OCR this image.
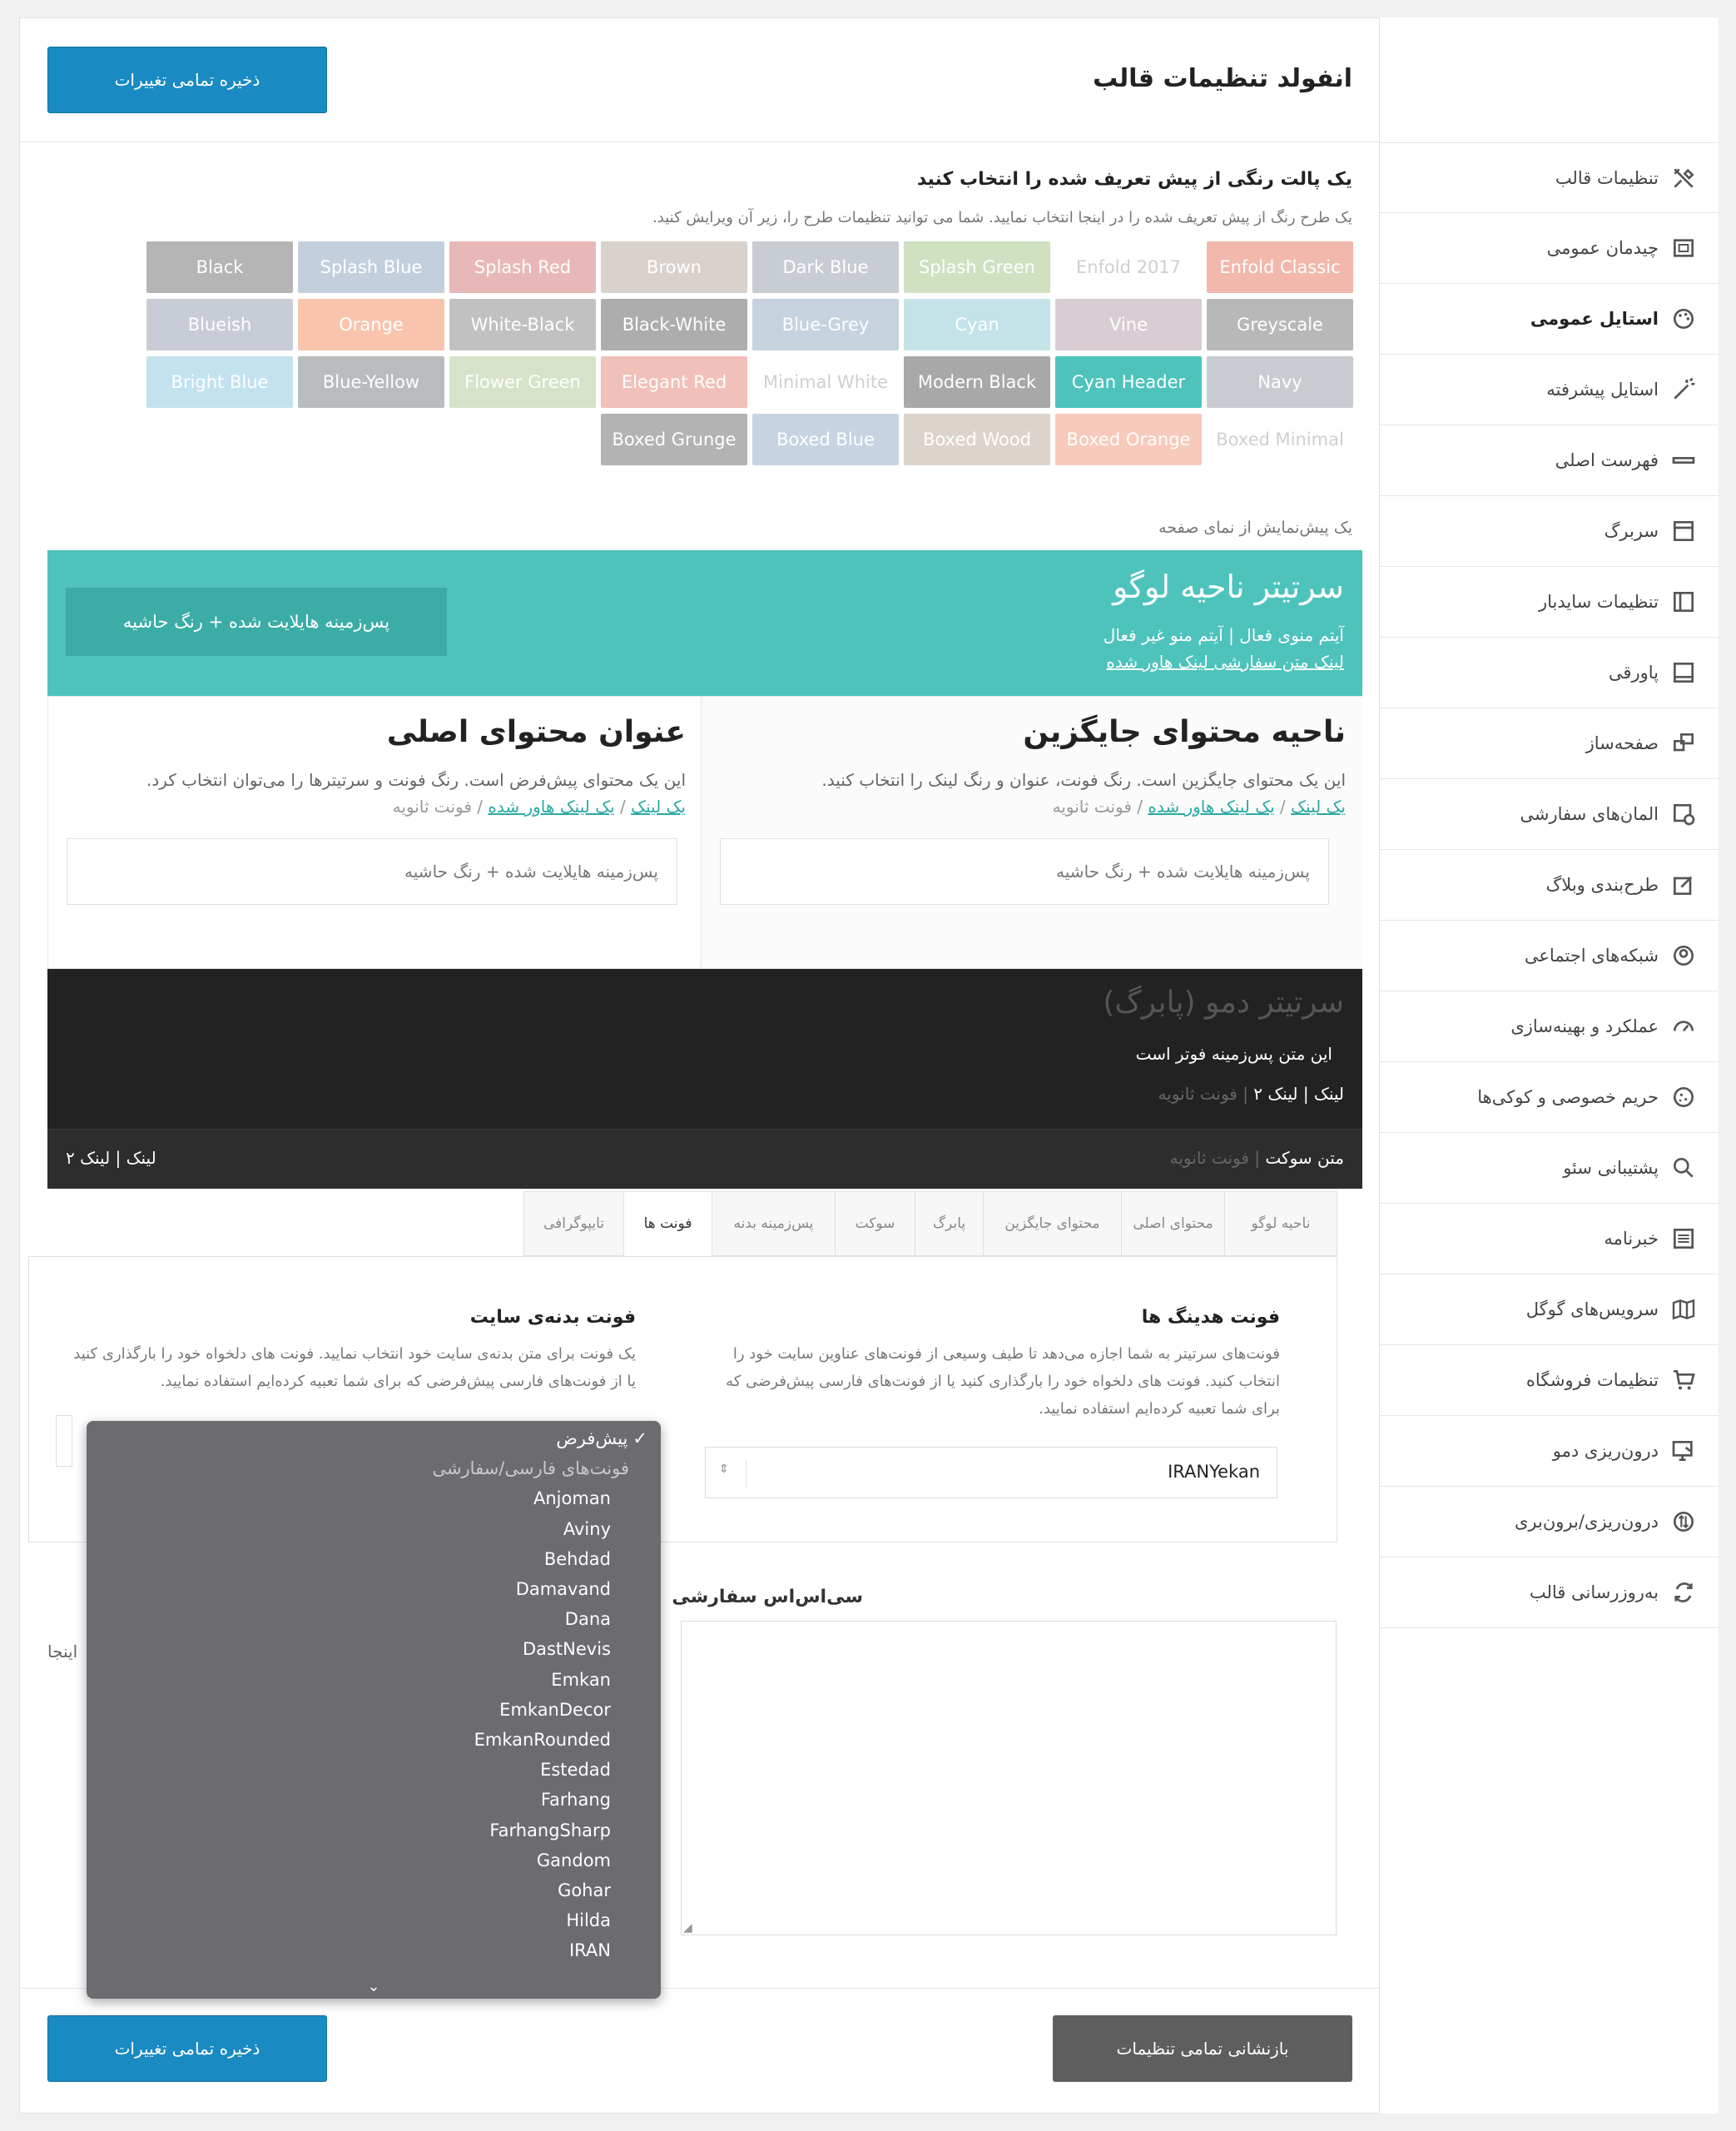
تنظیمات قالب
چیدمان عمومی
استایل عمومی
استایل پیشرفته
فهرست اصلی
سربرگ
تنظیمات سایدبار
پاورقی
صفحه‌ساز
المان‌های سفارشی
طرح‌بندی وبلاگ
شبکه‌های اجتماعی
عملکرد و بهینه‌سازی
حریم خصوصی و کوکی‌ها
پشتیبانی سئو
خبرنامه
سرویس‌های گوگل
تنظیمات فروشگاه
درون‌ریزی دمو
درون‌ریزی/برون‌بری
به‌روزرسانی قالب
انفولد تنظیمات قالب
ذخیره تمامی تغییرات
یک پالت رنگی از پیش تعریف شده را انتخاب کنید
یک طرح رنگ از پیش تعریف شده را در اینجا انتخاب نمایید. شما می توانید تنظیمات طرح را، زیر آن ویرایش کنید.
Enfold Classic
Enfold 2017
Splash Green
Dark Blue
Brown
Splash Red
Splash Blue
Black
Greyscale
Vine
Cyan
Blue-Grey
Black-White
White-Black
Orange
Blueish
Navy
Cyan Header
Modern Black
Minimal White
Elegant Red
Flower Green
Blue-Yellow
Bright Blue
Boxed Minimal
Boxed Orange
Boxed Wood
Boxed Blue
Boxed Grunge
یک پیش‌نمایش از نمای صفحه
سرتیتر ناحیه لوگو
آیتم منوی فعال | آیتم منو غیر فعال
لینک متن سفارشی لینک هاور شده
پس‌زمینه هایلایت شده + رنگ حاشیه
ناحیه محتوای جایگزین
این یک محتوای جایگزین است. رنگ فونت، عنوان و رنگ لینک را انتخاب کنید.
یک لینک / یک لینک هاور شده / فونت ثانویه
پس‌زمینه هایلایت شده + رنگ حاشیه
عنوان محتوای اصلی
این یک محتوای پیش‌فرض است. رنگ فونت و سرتیترها را می‌توان انتخاب کرد.
یک لینک / یک لینک هاور شده / فونت ثانویه
پس‌زمینه هایلایت شده + رنگ حاشیه
سرتیتر دمو (پابرگ)
این متن پس‌زمینه فوتر است
لینک | لینک ۲ | فونت ثانویه
متن سوکت | فونت ثانویه
لینک | لینک ۲
ناحیه لوگو
محتوای اصلی
محتوای جایگزین
پابرگ
سوکت
پس‌زمینه بدنه
فونت ها
تایپوگرافی
فونت هدینگ ها
فونت‌های سرتیتر به شما اجازه می‌دهد تا طیف وسیعی از فونت‌های عناوین سایت خود را انتخاب کنید. فونت های دلخواه خود را بارگذاری کنید یا از فونت‌های فارسی پیش‌فرضی که برای شما تعبیه کرده‌ایم استفاده نمایید.
IRANYekan
⇕
فونت بدنه‌ی سایت
یک فونت برای متن بدنه‌ی سایت خود انتخاب نمایید. فونت های دلخواه خود را بارگذاری کنید یا از فونت‌های فارسی پیش‌فرضی که برای شما تعبیه کرده‌ایم استفاده نمایید.
سی‌اس‌اس سفارشی
اینجا
◢
ذخیره تمامی تغییرات	بازنشانی تمامی تنظیمات
✓
پیش‌فرض
فونت‌های فارسی/سفارشی
Anjoman
Aviny
Behdad
Damavand
Dana
DastNevis
Emkan
EmkanDecor
EmkanRounded
Estedad
Farhang
FarhangSharp
Gandom
Gohar
Hilda
IRAN
⌄
